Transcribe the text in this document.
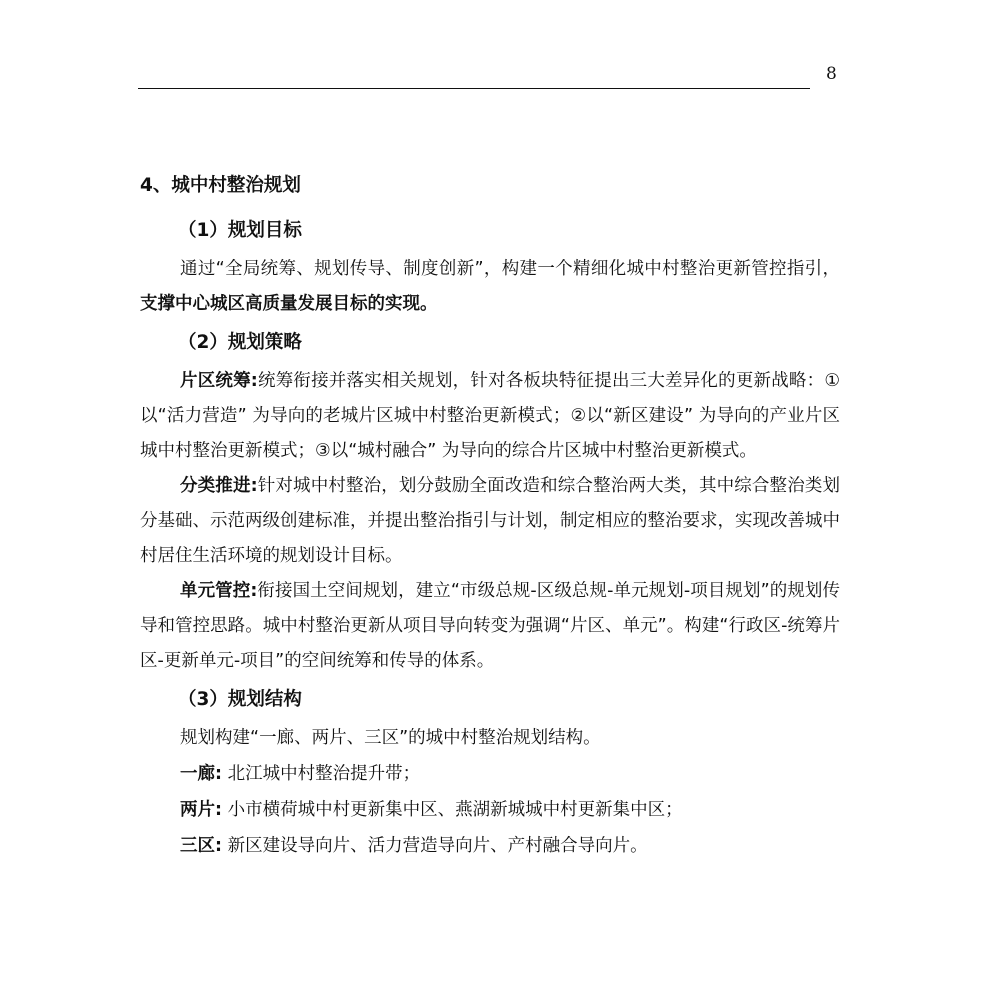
8

4、城中村整治规划

（1）规划目标

通过“全局统筹、规划传导、制度创新”，构建一个精细化城中村整治更新管控指引，支撑中心城区高质量发展目标的实现。

（2）规划策略

片区统筹:统筹衔接并落实相关规划，针对各板块特征提出三大差异化的更新战略：①以“活力营造” 为导向的老城片区城中村整治更新模式；②以“新区建设” 为导向的产业片区城中村整治更新模式；③以“城村融合” 为导向的综合片区城中村整治更新模式。

分类推进:针对城中村整治，划分鼓励全面改造和综合整治两大类，其中综合整治类划分基础、示范两级创建标准，并提出整治指引与计划，制定相应的整治要求，实现改善城中村居住生活环境的规划设计目标。

单元管控:衔接国土空间规划，建立“市级总规-区级总规-单元规划-项目规划”的规划传导和管控思路。城中村整治更新从项目导向转变为强调“片区、单元”。构建“行政区-统筹片区-更新单元-项目”的空间统筹和传导的体系。

（3）规划结构

规划构建“一廊、两片、三区”的城中村整治规划结构。

一廊: 北江城中村整治提升带；

两片: 小市横荷城中村更新集中区、燕湖新城城中村更新集中区；

三区: 新区建设导向片、活力营造导向片、产村融合导向片。
